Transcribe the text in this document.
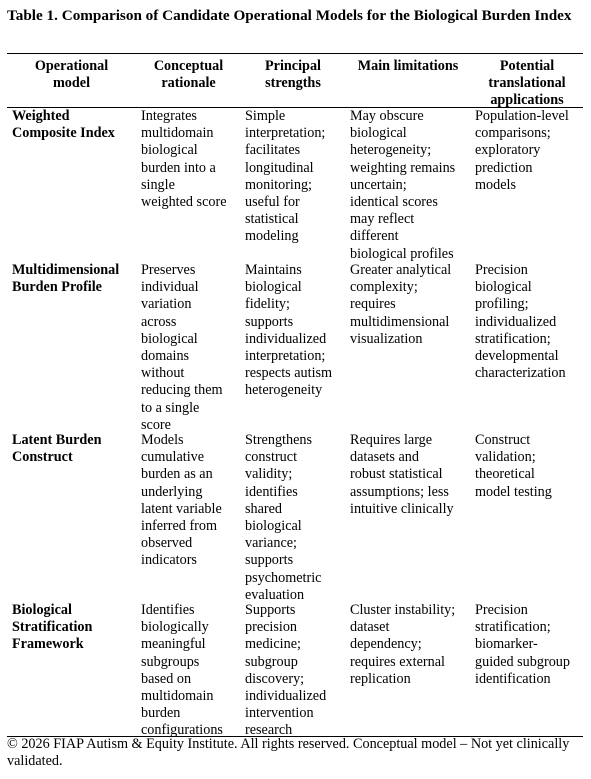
Table 1. Comparison of Candidate Operational Models for the Biological Burden Index

Operational
model

Conceptual
rationale

Principal
strengths

Main limitations	Potential
translational
applications

Weighted
Composite Index

Integrates
multidomain
biological
burden into a
single
weighted score

Simple
interpretation;
facilitates
longitudinal
monitoring;
useful for
statistical
modeling

May obscure
biological
heterogeneity;
weighting remains
uncertain;
identical scores
may reflect
different
biological profiles

Population-level
comparisons;
exploratory
prediction
models

Multidimensional
Burden Profile

Preserves
individual
variation
across
biological
domains
without
reducing them
to a single
score

Maintains
biological
fidelity;
supports
individualized
interpretation;
respects autism
heterogeneity

Greater analytical
complexity;
requires
multidimensional
visualization

Precision
biological
profiling;
individualized
stratification;
developmental
characterization

Latent Burden
Construct

Models
cumulative
burden as an
underlying
latent variable
inferred from
observed
indicators

Strengthens
construct
validity;
identifies
shared
biological
variance;
supports
psychometric
evaluation

Requires large
datasets and
robust statistical
assumptions; less
intuitive clinically

Construct
validation;
theoretical
model testing

Biological
Stratification
Framework

Identifies
biologically
meaningful
subgroups
based on
multidomain
burden
configurations

Supports
precision
medicine;
subgroup
discovery;
individualized
intervention
research

Cluster instability;
dataset
dependency;
requires external
replication

Precision
stratification;
biomarker-
guided subgroup
identification

© 2026 FIAP Autism & Equity Institute. All rights reserved. Conceptual model – Not yet clinically validated.
